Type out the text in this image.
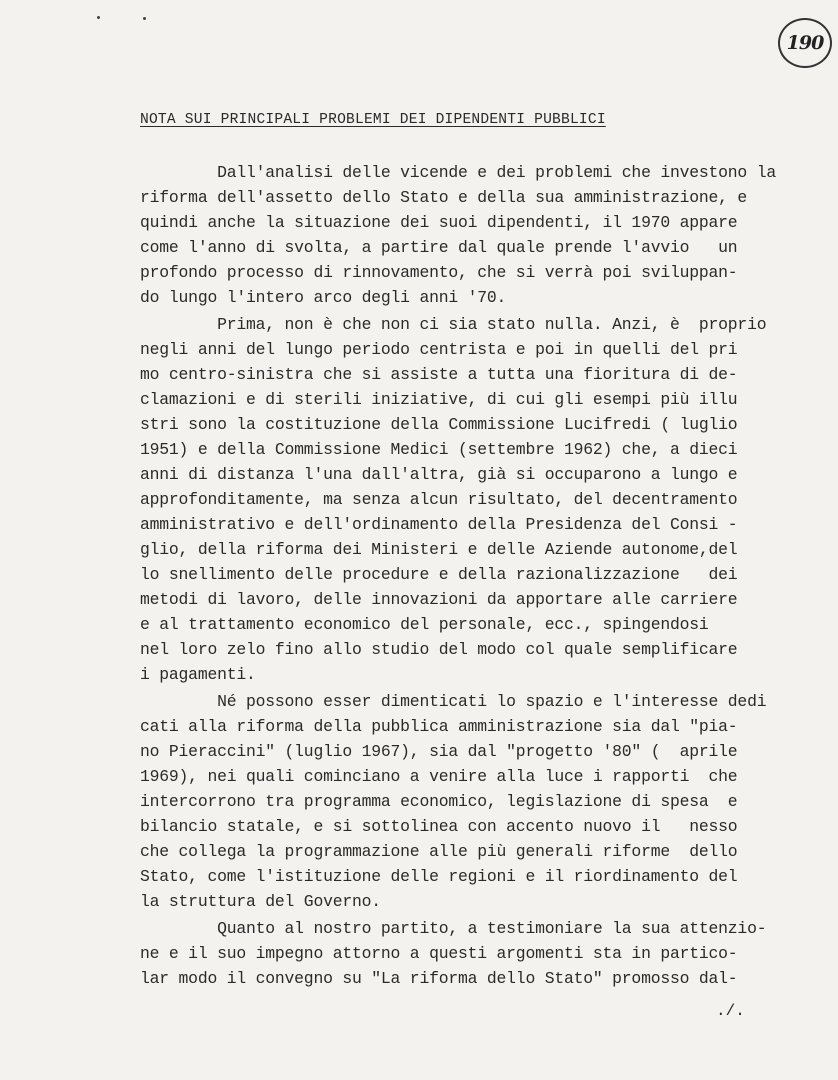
190
NOTA SUI PRINCIPALI PROBLEMI DEI DIPENDENTI PUBBLICI
Dall'analisi delle vicende e dei problemi che investono la
riforma dell'assetto dello Stato e della sua amministrazione, e
quindi anche la situazione dei suoi dipendenti, il 1970 appare
come l'anno di svolta, a partire dal quale prende l'avvio   un
profondo processo di rinnovamento, che si verrà poi sviluppan-
do lungo l'intero arco degli anni '70.
Prima, non è che non ci sia stato nulla. Anzi, è  proprio
negli anni del lungo periodo centrista e poi in quelli del pri
mo centro-sinistra che si assiste a tutta una fioritura di de-
clamazioni e di sterili iniziative, di cui gli esempi più illu
stri sono la costituzione della Commissione Lucifredi ( luglio
1951) e della Commissione Medici (settembre 1962) che, a dieci
anni di distanza l'una dall'altra, già si occuparono a lungo e
approfonditamente, ma senza alcun risultato, del decentramento
amministrativo e dell'ordinamento della Presidenza del Consi -
glio, della riforma dei Ministeri e delle Aziende autonome,del
lo snellimento delle procedure e della razionalizzazione   dei
metodi di lavoro, delle innovazioni da apportare alle carriere
e al trattamento economico del personale, ecc., spingendosi
nel loro zelo fino allo studio del modo col quale semplificare
i pagamenti.
Né possono esser dimenticati lo spazio e l'interesse dedi
cati alla riforma della pubblica amministrazione sia dal "pia-
no Pieraccini" (luglio 1967), sia dal "progetto '80" (  aprile
1969), nei quali cominciano a venire alla luce i rapporti  che
intercorrono tra programma economico, legislazione di spesa  e
bilancio statale, e si sottolinea con accento nuovo il   nesso
che collega la programmazione alle più generali riforme  dello
Stato, come l'istituzione delle regioni e il riordinamento del
la struttura del Governo.
Quanto al nostro partito, a testimoniare la sua attenzio-
ne e il suo impegno attorno a questi argomenti sta in partico-
lar modo il convegno su "La riforma dello Stato" promosso dal-
./.
